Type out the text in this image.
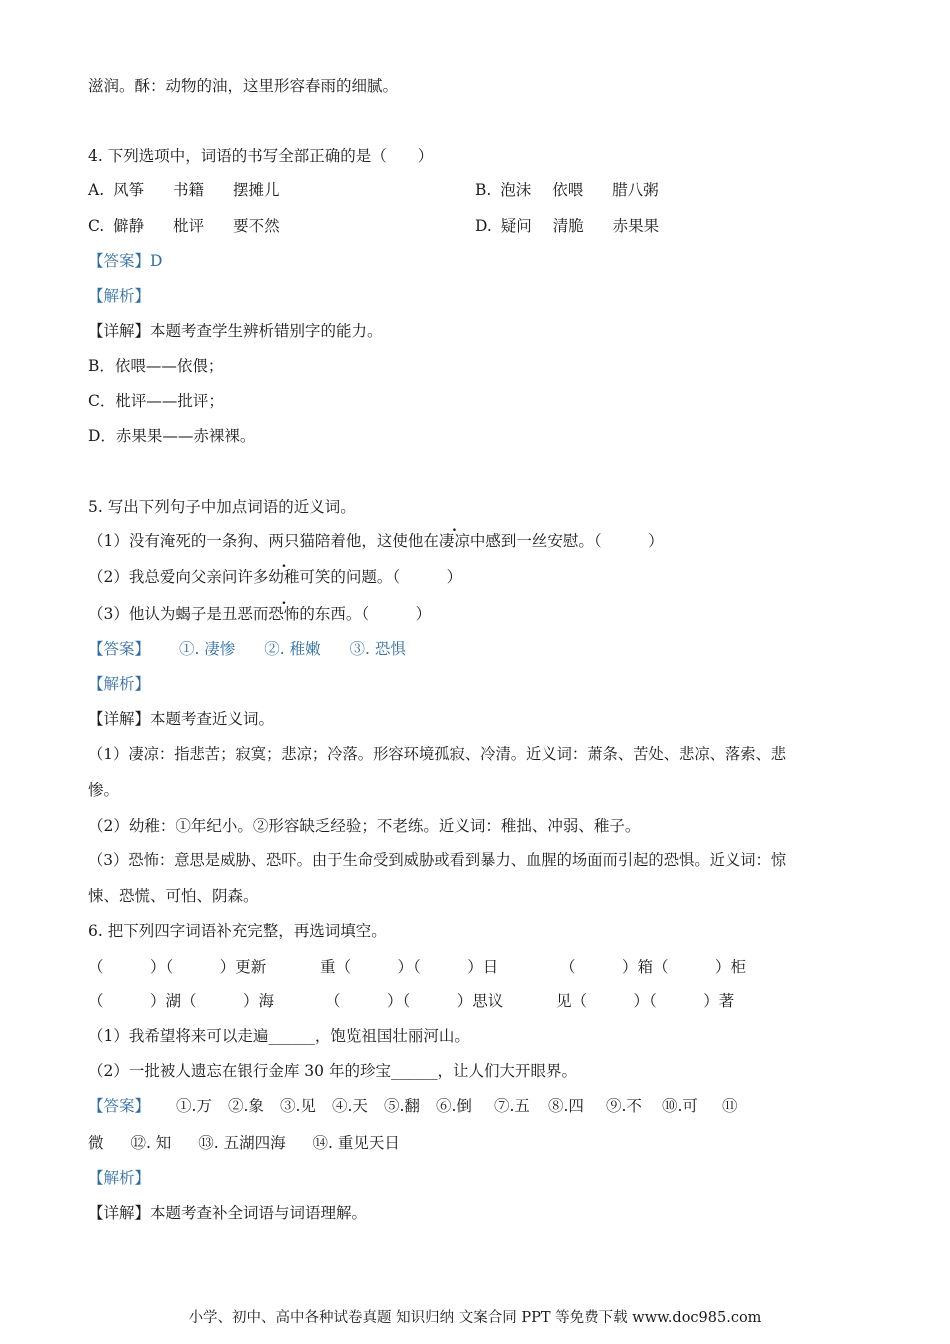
滋润。酥：动物的油，这里形容春雨的细腻。
4. 下列选项中，词语的书写全部正确的是（　　）
A. 风筝 书籍 摆摊儿	B. 泡沫 依喂 腊八粥
C. 僻静 枇评 要不然	D. 疑问 清脆 赤果果
【答案】D
【解析】
【详解】本题考查学生辨析错别字的能力。
B．依喂——依偎；
C．枇评——批评；
D．赤果果——赤裸裸。
5. 写出下列句子中加点词语的近义词。
（1）没有淹死的一条狗、两只猫陪着他，这使他在凄凉中感到一丝安慰。（　　　）
（2）我总爱向父亲问许多幼稚可笑的问题。（　　　）
（3）他认为蝎子是丑恶而恐怖的东西。（　　　）
【答案】 ①. 凄惨 ②. 稚嫩 ③. 恐惧
【解析】
【详解】本题考查近义词。
（1）凄凉：指悲苦；寂寞；悲凉；冷落。形容环境孤寂、冷清。近义词：萧条、苦处、悲凉、落索、悲
惨。
（2）幼稚：①年纪小。②形容缺乏经验；不老练。近义词：稚拙、冲弱、稚子。
（3）恐怖：意思是威胁、恐吓。由于生命受到威胁或看到暴力、血腥的场面而引起的恐惧。近义词：惊
悚、恐慌、可怕、阴森。
6. 把下列四字词语补充完整，再选词填空。
（　　　）（　　　）更新	重（　　　）（　　　）日	（　　　）箱（　　　）柜
（　　　）湖（　　　）海	（　　　）（　　　）思议	见（　　　）（　　　）著
（1）我希望将来可以走遍______，饱览祖国壮丽河山。
（2）一批被人遗忘在银行金库 30 年的珍宝______，让人们大开眼界。
【答案】 ①.万 ②.象 ③.见 ④.天 ⑤.翻 ⑥.倒 ⑦.五 ⑧.四 ⑨.不 ⑩.可 ⑪
微 ⑫. 知 ⑬. 五湖四海 ⑭. 重见天日
【解析】
【详解】本题考查补全词语与词语理解。
小学、初中、高中各种试卷真题 知识归纳 文案合同 PPT 等免费下载 www.doc985.com
